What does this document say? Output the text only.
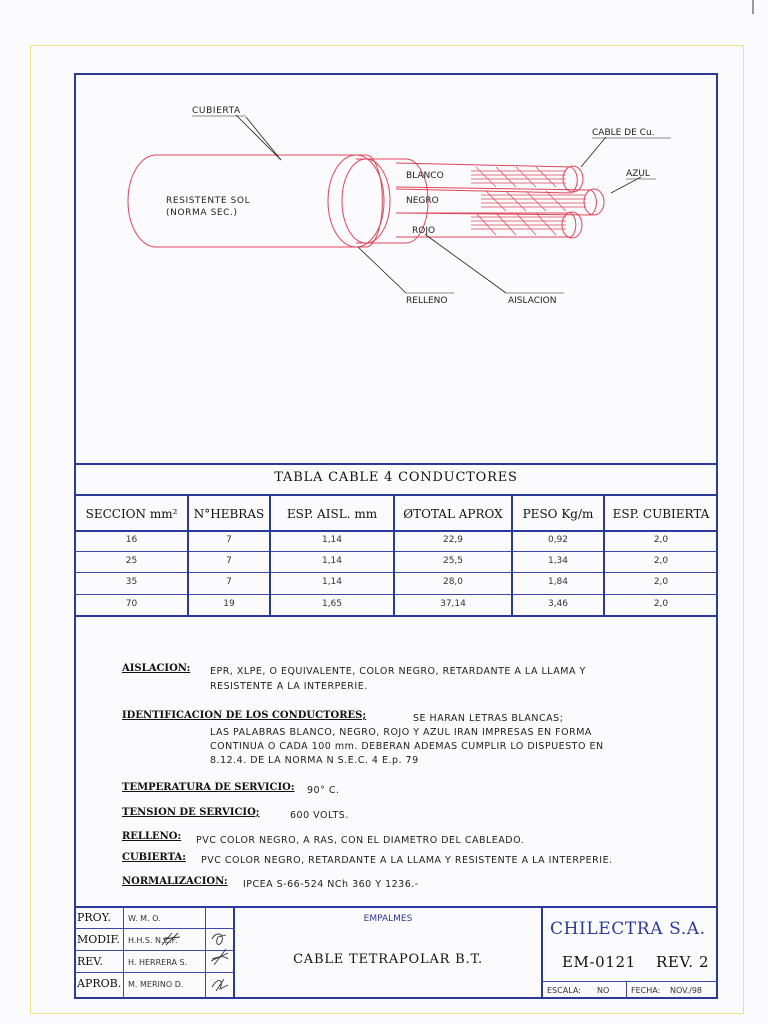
CUBIERTA
RESISTENTE SOL
(NORMA SEC.)
BLANCO
NEGRO
ROJO
CABLE DE Cu.
AZUL
RELLENO	AISLACION
TABLA CABLE 4 CONDUCTORES
SECCION mm²	N°HEBRAS	ESP. AISL. mm	ØTOTAL APROX	PESO Kg/m	ESP. CUBIERTA
16	7	1,14	22,9	0,92	2,0
25	7	1,14	25,5	1,34	2,0
35	7	1,14	28,0	1,84	2,0
70	19	1,65	37,14	3,46	2,0
AISLACION: EPR, XLPE, O EQUIVALENTE, COLOR NEGRO, RETARDANTE A LA LLAMA Y
RESISTENTE A LA INTERPERIE.
IDENTIFICACION DE LOS CONDUCTORES;	SE HARAN LETRAS BLANCAS;
LAS PALABRAS BLANCO, NEGRO, ROJO Y AZUL IRAN IMPRESAS EN FORMA
CONTINUA O CADA 100 mm. DEBERAN ADEMAS CUMPLIR LO DISPUESTO EN
8.12.4. DE LA NORMA N S.E.C. 4 E.p. 79
TEMPERATURA DE SERVICIO: 90° C.
TENSION DE SERVICIO;	600 VOLTS.
RELLENO: PVC COLOR NEGRO, A RAS, CON EL DIAMETRO DEL CABLEADO.
CUBIERTA: PVC COLOR NEGRO, RETARDANTE A LA LLAMA Y RESISTENTE A LA INTERPERIE.
NORMALIZACION: IPCEA S-66-524 NCh 360 Y 1236.-
PROY. W. M. O.
MODIF. H.H.S. N.C.F.
REV.	H. HERRERA S.
APROB. M. MERINO D.
EMPALMES
CABLE TETRAPOLAR B.T.
CHILECTRA S.A.
EM-0121 REV. 2
ESCALA: NO	FECHA: NOV./98
